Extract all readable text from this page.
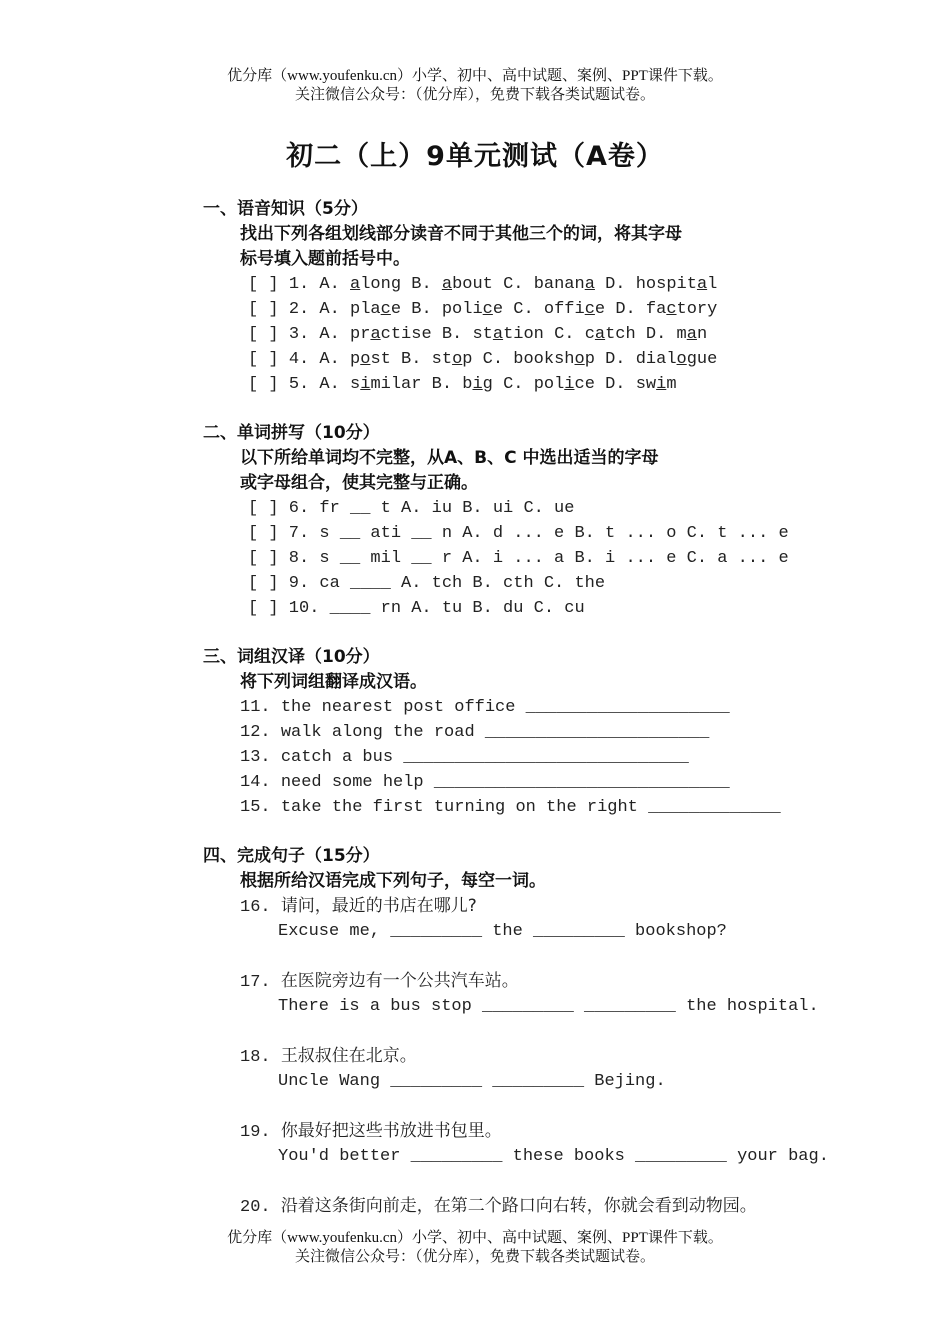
优分库（www.youfenku.cn）小学、初中、高中试题、案例、PPT课件下载。
关注微信公众号：（优分库），免费下载各类试题试卷。
初二（上）9单元测试（A卷）
一、语音知识（5分）
找出下列各组划线部分读音不同于其他三个的词，将其字母
标号填入题前括号中。
[ ] 1. A. along B. about C. banana D. hospital
[ ] 2. A. place B. police C. office D. factory
[ ] 3. A. practise B. station C. catch D. man
[ ] 4. A. post B. stop C. bookshop D. dialogue
[ ] 5. A. similar B. big C. police D. swim
二、单词拼写（10分）
以下所给单词均不完整，从A、B、C 中选出适当的字母
或字母组合，使其完整与正确。
[ ] 6. fr __ t A. iu B. ui C. ue
[ ] 7. s __ ati __ n A. d ... e B. t ... o C. t ... e
[ ] 8. s __ mil __ r A. i ... a B. i ... e C. a ... e
[ ] 9. ca ____ A. tch B. cth C. the
[ ] 10. ____ rn A. tu B. du C. cu
三、词组汉译（10分）
将下列词组翻译成汉语。
11. the nearest post office ____________________
12. walk along the road ______________________
13. catch a bus ____________________________
14. need some help _____________________________
15. take the first turning on the right _____________
四、完成句子（15分）
根据所给汉语完成下列句子，每空一词。
16. 请问，最近的书店在哪儿?
Excuse me, _________ the _________ bookshop?
17. 在医院旁边有一个公共汽车站。
There is a bus stop _________ _________ the hospital.
18. 王叔叔住在北京。
Uncle Wang _________ _________ Bejing.
19. 你最好把这些书放进书包里。
You'd better _________ these books _________ your bag.
20. 沿着这条街向前走，在第二个路口向右转，你就会看到动物园。
优分库（www.youfenku.cn）小学、初中、高中试题、案例、PPT课件下载。
关注微信公众号：（优分库），免费下载各类试题试卷。
